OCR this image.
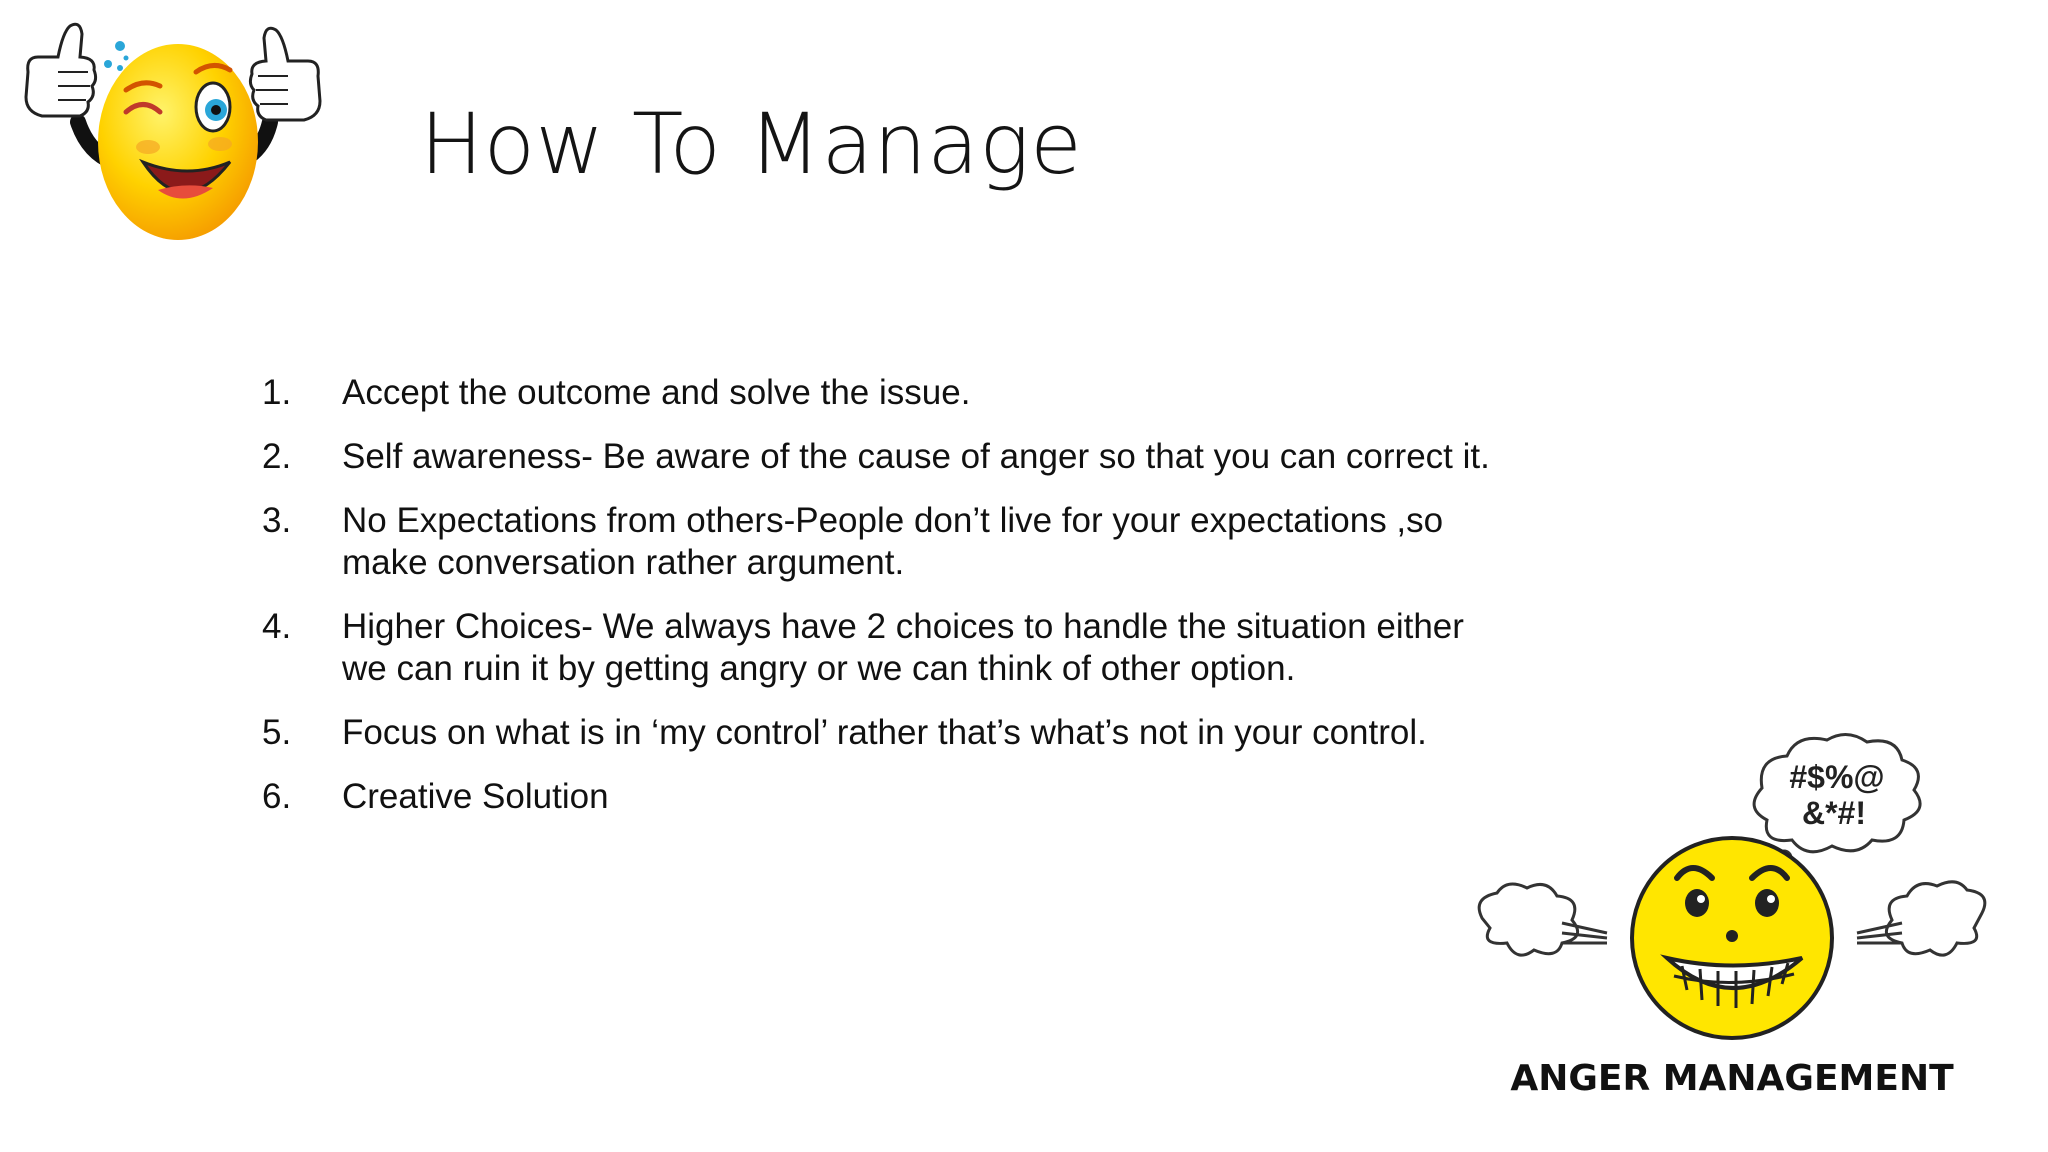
How To Manage
1.	Accept the outcome and solve the issue.
2.	Self awareness- Be aware of the cause of anger so that you can correct it.
3.	No Expectations from others-People don’t live for your expectations ,so make conversation rather argument.
4.	Higher Choices- We always have 2 choices to handle the situation either we can ruin it by getting angry or we can think of other option.
5.	Focus on what is in ‘my control’ rather that’s what’s not in your control.
6.	Creative Solution	#$%@
&*#!
ANGER MANAGEMENT
